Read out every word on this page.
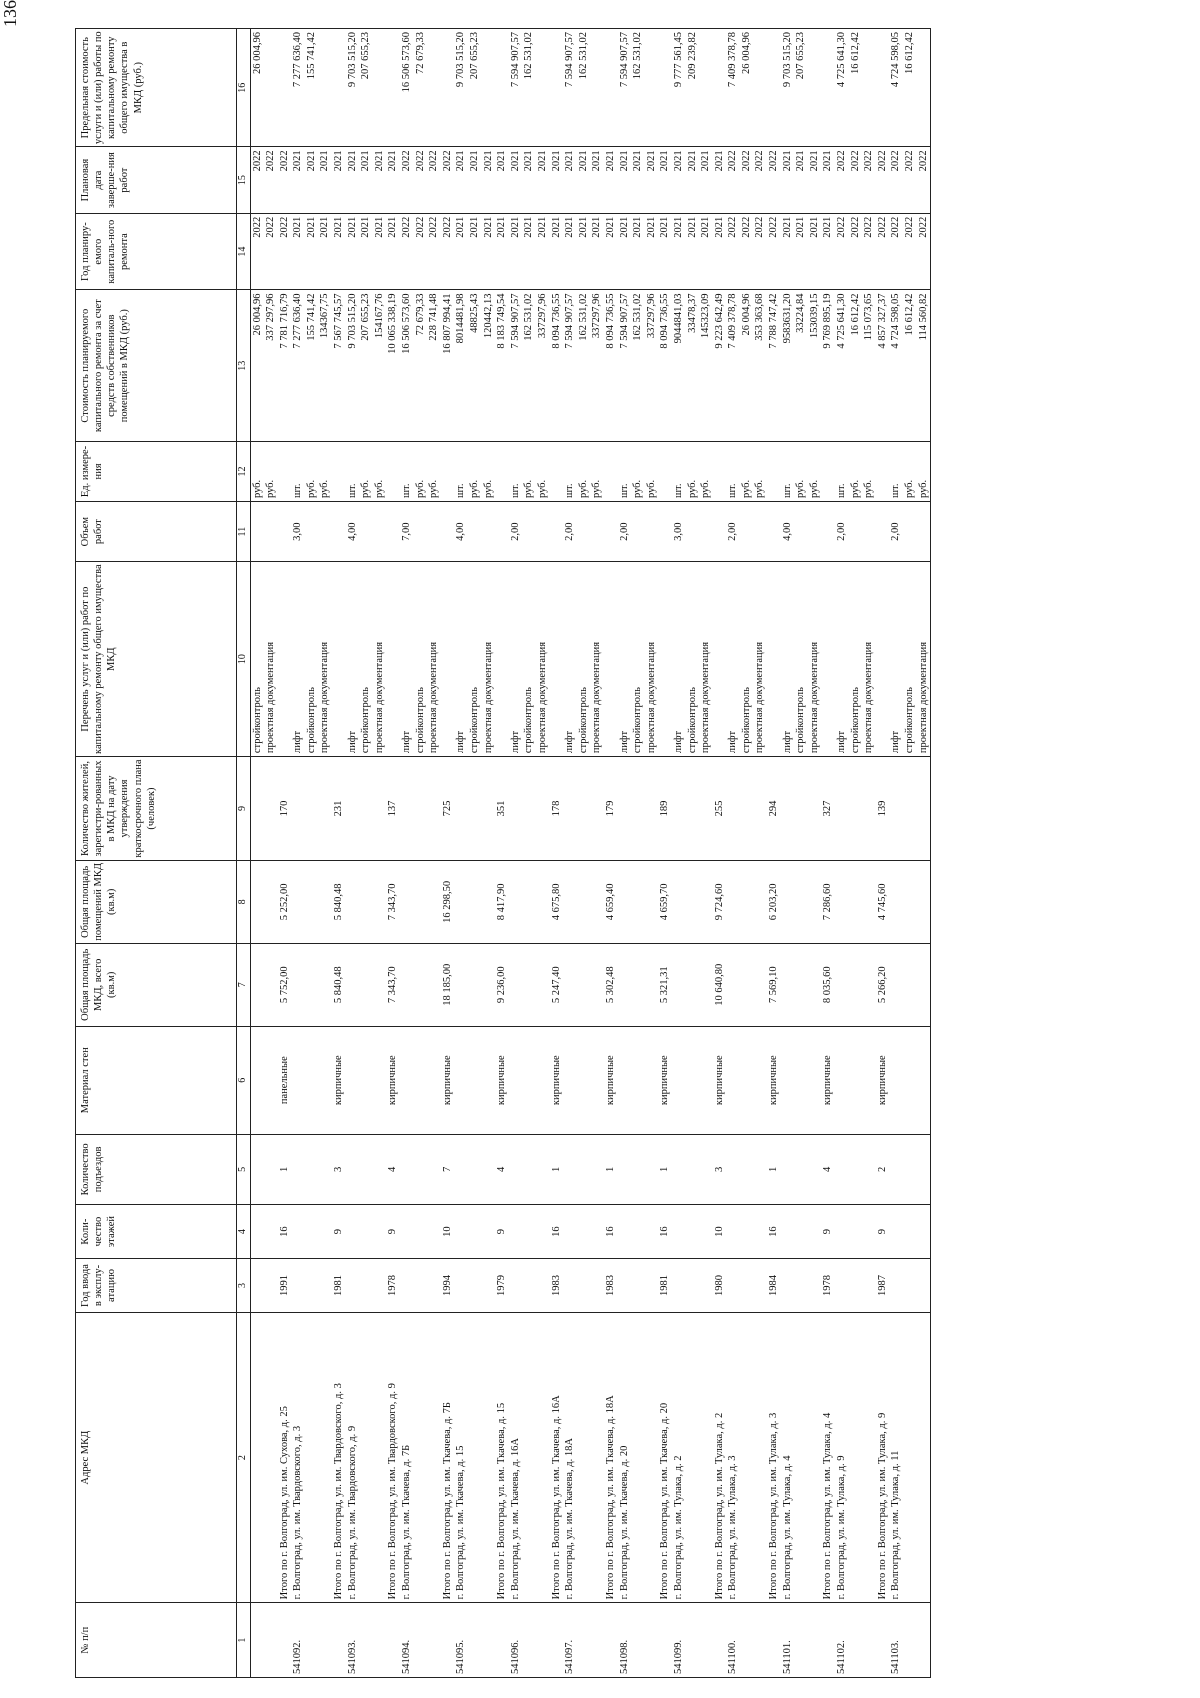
136
№ п/п	Адрес МКД	Год ввода в эксплу-атацию	Коли-чество этажей	Количество подъездов	Материал стен	Общая площадь МКД, всего (кв.м)	Общая площадь помещений МКД (кв.м)	Количество жителей, зарегистри-рованных в МКД на дату утверждения краткосрочного плана (человек)	Перечень услуг и (или) работ по капитальному ремонту общего имущества МКД	Объем работ	Ед. измере-ния	Стоимость планируемого капитального ремонта за счет средств собственников помещений в МКД (руб.)	Год планиру-емого капиталь-ного ремонта	Плановая дата заверше-ния работ	Предельная стоимость услуги и (или) работы по капитальному ремонту общего имущества в МКД (руб.)
1	2	3	4	5	6	7	8	9	10	11	12	13	14	15	16
									стройконтроль		руб.	26 004,96	2022	2022	26 004,96
									проектная документация		руб.	337 297,96	2022	2022	
	Итого по г. Волгоград, ул. им. Сухова, д. 25	1991	16	1	панельные	5 752,00	5 252,00	170				7 781 716,79	2022	2022	
541092.	г. Волгоград, ул. им. Твардовского, д. 3								лифт	3,00	шт.	7 277 636,40	2021	2021	7 277 636,40
									стройконтроль		руб.	155 741,42	2021	2021	155 741,42
									проектная документация		руб.	134367,75	2021	2021	
	Итого по г. Волгоград, ул. им. Твардовского, д. 3	1981	9	3	кирпичные	5 840,48	5 840,48	231				7 567 745,57	2021	2021	
541093.	г. Волгоград, ул. им. Твардовского, д. 9								лифт	4,00	шт.	9 703 515,20	2021	2021	9 703 515,20
									стройконтроль		руб.	207 655,23	2021	2021	207 655,23
									проектная документация		руб.	154167,76	2021	2021	
	Итого по г. Волгоград, ул. им. Твардовского, д. 9	1978	9	4	кирпичные	7 343,70	7 343,70	137				10 065 338,19	2021	2021	
541094.	г. Волгоград, ул. им. Ткачева, д. 7Б								лифт	7,00	шт.	16 506 573,60	2022	2022	16 506 573,60
									стройконтроль		руб.	72 679,33	2022	2022	72 679,33
									проектная документация		руб.	228 741,48	2022	2022	
	Итого по г. Волгоград, ул. им. Ткачева, д. 7Б	1994	10	7	кирпичные	18 185,00	16 298,50	725				16 807 994,41	2022	2022	
541095.	г. Волгоград, ул. им. Ткачева, д. 15								лифт	4,00	шт.	8014481,98	2021	2021	9 703 515,20
									стройконтроль		руб.	48825,43	2021	2021	207 655,23
									проектная документация		руб.	120442,13	2021	2021	
	Итого по г. Волгоград, ул. им. Ткачева, д. 15	1979	9	4	кирпичные	9 236,00	8 417,90	351				8 183 749,54	2021	2021	
541096.	г. Волгоград, ул. им. Ткачева, д. 16А								лифт	2,00	шт.	7 594 907,57	2021	2021	7 594 907,57
									стройконтроль		руб.	162 531,02	2021	2021	162 531,02
									проектная документация		руб.	337297,96	2021	2021	
	Итого по г. Волгоград, ул. им. Ткачева, д. 16А	1983	16	1	кирпичные	5 247,40	4 675,80	178				8 094 736,55	2021	2021	
541097.	г. Волгоград, ул. им. Ткачева, д. 18А								лифт	2,00	шт.	7 594 907,57	2021	2021	7 594 907,57
									стройконтроль		руб.	162 531,02	2021	2021	162 531,02
									проектная документация		руб.	337297,96	2021	2021	
	Итого по г. Волгоград, ул. им. Ткачева, д. 18А	1983	16	1	кирпичные	5 302,48	4 659,40	179				8 094 736,55	2021	2021	
541098.	г. Волгоград, ул. им. Ткачева, д. 20								лифт	2,00	шт.	7 594 907,57	2021	2021	7 594 907,57
									стройконтроль		руб.	162 531,02	2021	2021	162 531,02
									проектная документация		руб.	337297,96	2021	2021	
	Итого по г. Волгоград, ул. им. Ткачева, д. 20	1981	16	1	кирпичные	5 321,31	4 659,70	189				8 094 736,55	2021	2021	
541099.	г. Волгоград, ул. им. Тулака, д. 2								лифт	3,00	шт.	9044841,03	2021	2021	9 777 561,45
									стройконтроль		руб.	33478,37	2021	2021	209 239,82
									проектная документация		руб.	145323,09	2021	2021	
	Итого по г. Волгоград, ул. им. Тулака, д. 2	1980	10	3	кирпичные	10 640,80	9 724,60	255				9 223 642,49	2021	2021	
541100.	г. Волгоград, ул. им. Тулака, д. 3								лифт	2,00	шт.	7 409 378,78	2022	2022	7 409 378,78
									стройконтроль		руб.	26 004,96	2022	2022	26 004,96
									проектная документация		руб.	353 363,68	2022	2022	
	Итого по г. Волгоград, ул. им. Тулака, д. 3	1984	16	1	кирпичные	7 569,10	6 203,20	294				7 788 747,42	2022	2022	
541101.	г. Волгоград, ул. им. Тулака, д. 4								лифт	4,00	шт.	9583631,20	2021	2021	9 703 515,20
									стройконтроль		руб.	33224,84	2021	2021	207 655,23
									проектная документация		руб.	153039,15	2021	2021	
	Итого по г. Волгоград, ул. им. Тулака, д. 4	1978	9	4	кирпичные	8 035,60	7 286,60	327				9 769 895,19	2021	2021	
541102.	г. Волгоград, ул. им. Тулака, д. 9								лифт	2,00	шт.	4 725 641,30	2022	2022	4 725 641,30
									стройконтроль		руб.	16 612,42	2022	2022	16 612,42
									проектная документация		руб.	115 073,65	2022	2022	
	Итого по г. Волгоград, ул. им. Тулака, д. 9	1987	9	2	кирпичные	5 266,20	4 745,60	139				4 857 327,37	2022	2022	
541103.	г. Волгоград, ул. им. Тулака, д. 11								лифт	2,00	шт.	4 724 598,05	2022	2022	4 724 598,05
									стройконтроль		руб.	16 612,42	2022	2022	16 612,42
									проектная документация		руб.	114 560,82	2022	2022	
